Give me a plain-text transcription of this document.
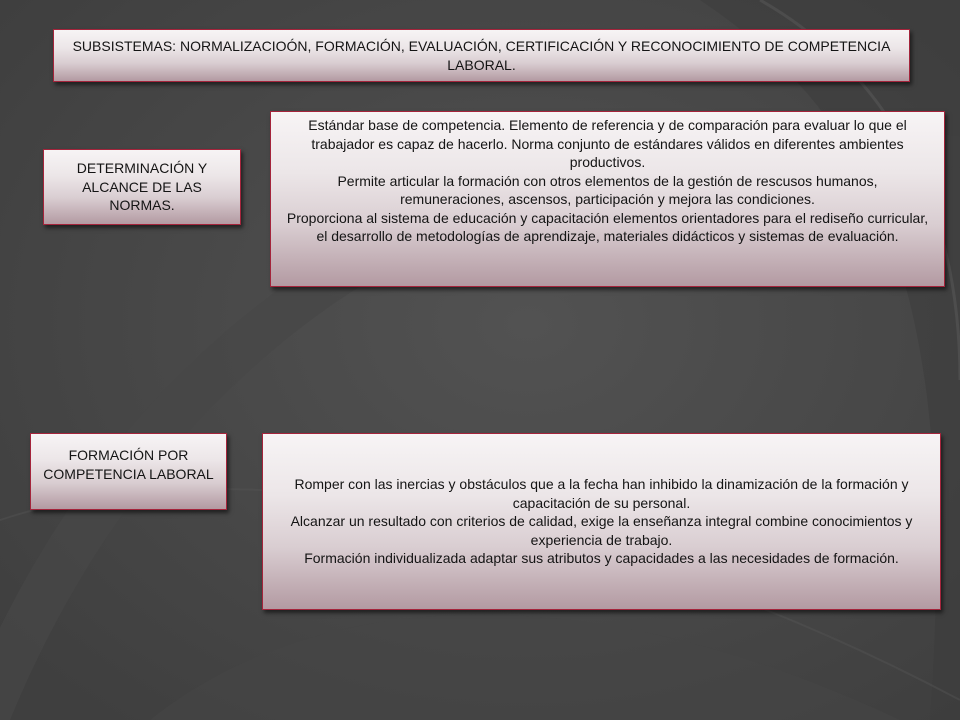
SUBSISTEMAS: NORMALIZACIOÓN, FORMACIÓN, EVALUACIÓN, CERTIFICACIÓN Y RECONOCIMIENTO DE COMPETENCIA LABORAL.

DETERMINACIÓN Y ALCANCE DE LAS NORMAS.

Estándar base de competencia. Elemento de referencia y de comparación para evaluar lo que el trabajador es capaz de hacerlo. Norma conjunto de estándares válidos en diferentes ambientes productivos.

Permite articular la formación con otros elementos de la gestión de rescusos humanos, remuneraciones, ascensos, participación y mejora las condiciones.

Proporciona al sistema de educación y capacitación elementos orientadores para el rediseño curricular, el desarrollo de metodologías de aprendizaje, materiales didácticos y sistemas de evaluación.

FORMACIÓN POR COMPETENCIA LABORAL

Romper con las inercias y obstáculos que a la fecha han inhibido la dinamización de la formación y capacitación de su personal.

Alcanzar un resultado con criterios de calidad, exige la enseñanza integral combine conocimientos y experiencia de trabajo.

Formación individualizada adaptar sus atributos y capacidades a las necesidades de formación.
